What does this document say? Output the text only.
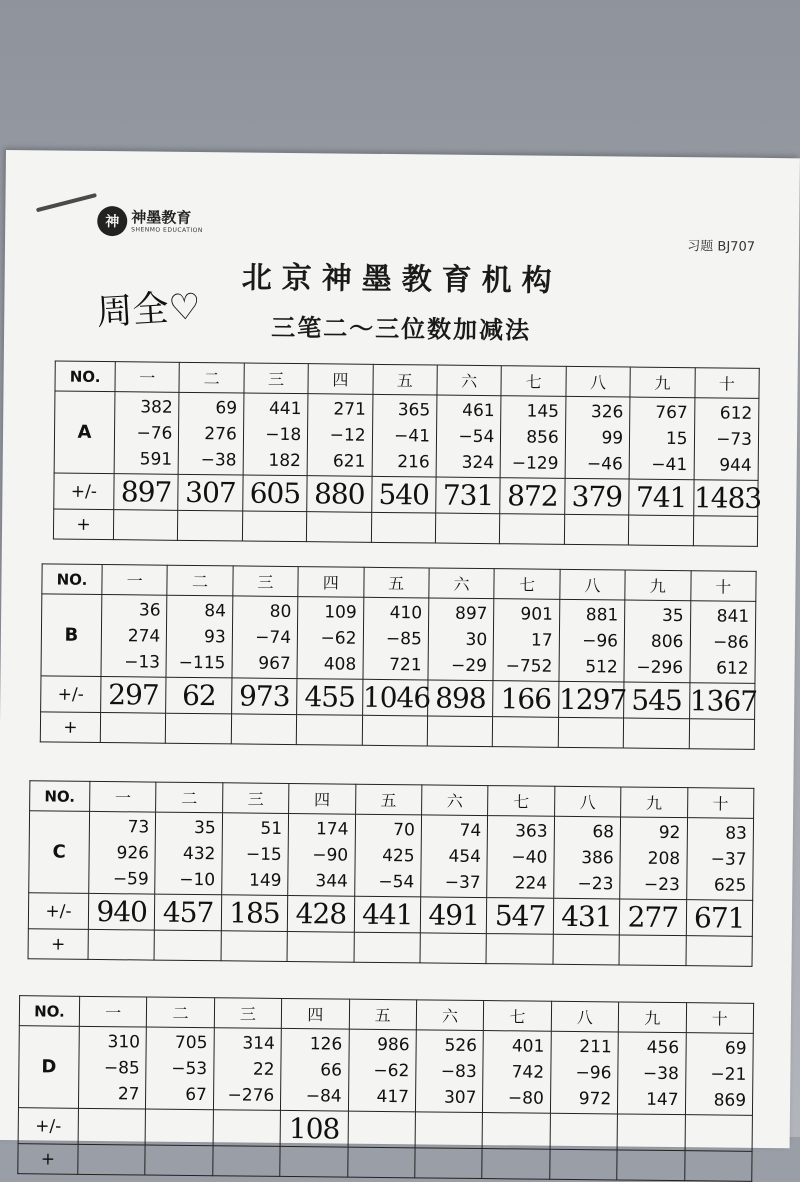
神 神墨教育
SHENMO EDUCATION
习题 BJ707
北京神墨教育机构
三笔二～三位数加减法
周全♡
NO.	一	二	三	四	五	六	七	八	九	十
A	382
−76
591	69
276
−38	441
−18
182	271
−12
621	365
−41
216	461
−54
324	145
856
−129	326
99
−46	767
15
−41	612
−73
944

+/-	897	307	605	880	540	731	872	379	741	1483
+										
NO.	一	二	三	四	五	六	七	八	九	十
B	36
274
−13	84
93
−115	80
−74
967	109
−62
408	410
−85
721	897
30
−29	901
17
−752	881
−96
512	35
806
−296	841
−86
612

+/-	297	62	973	455	1046	898	166	1297	545	1367
+										
NO.	一	二	三	四	五	六	七	八	九	十
C	73
926
−59	35
432
−10	51
−15
149	174
−90
344	70
425
−54	74
454
−37	363
−40
224	68
386
−23	92
208
−23	83
−37
625

+/-	940	457	185	428	441	491	547	431	277	671
+										
NO.	一	二	三	四	五	六	七	八	九	十
D	310
−85
27	705
−53
67	314
22
−276	126
66
−84	986
−62
417	526
−83
307	401
742
−80	211
−96
972	456
−38
147	69
−21
869

+/-				108						
+										
